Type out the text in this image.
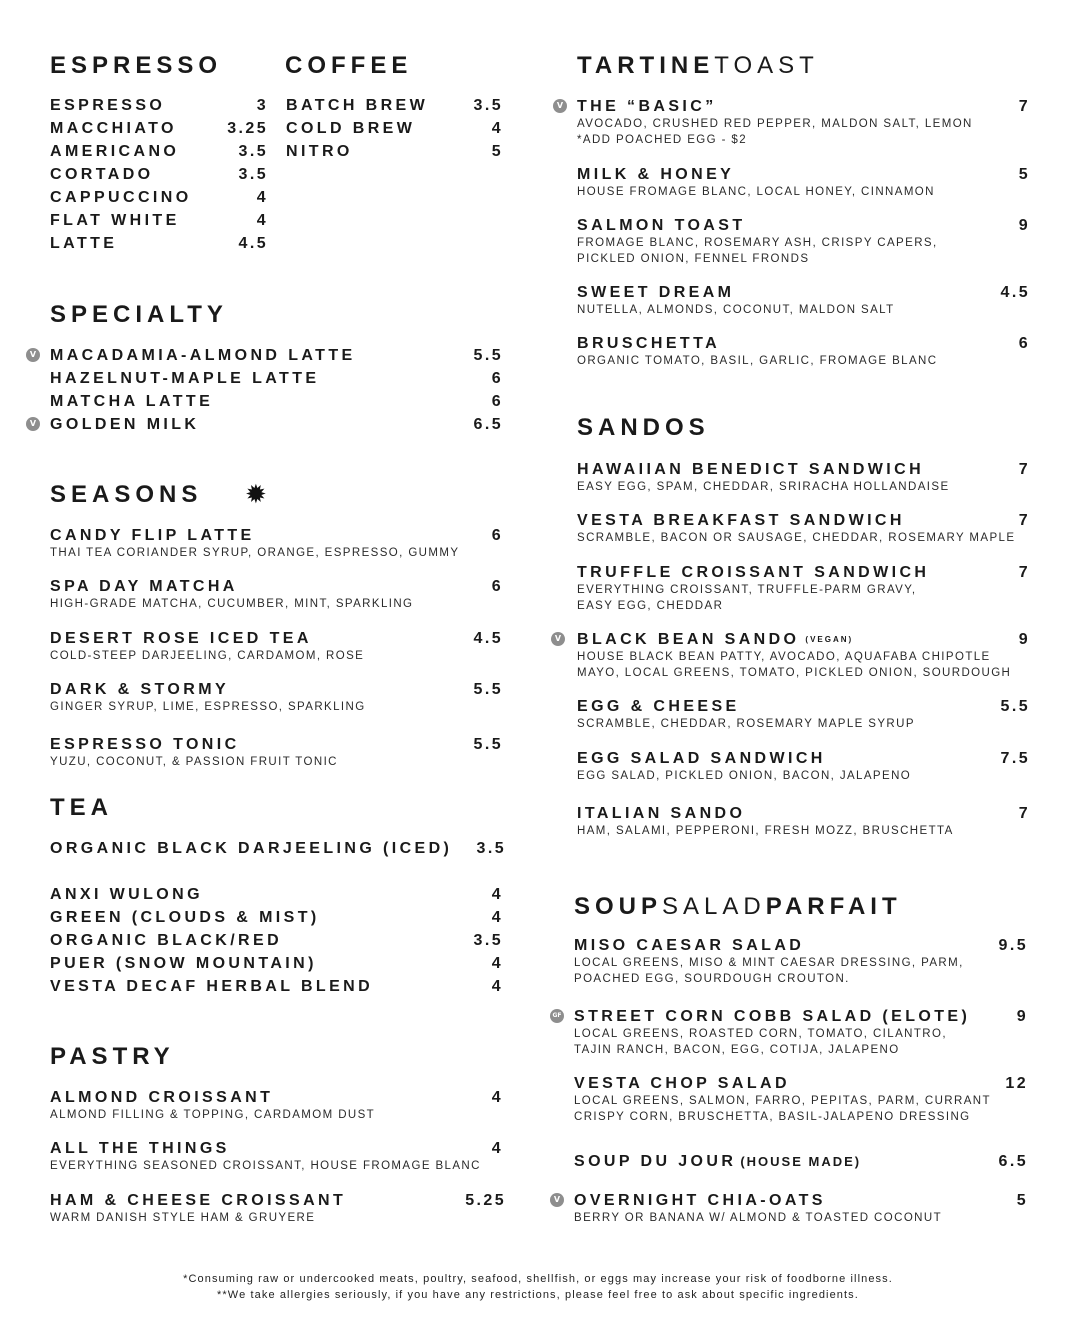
ESPRESSO
ESPRESSO	3
MACCHIATO	3.25
AMERICANO	3.5
CORTADO	3.5
CAPPUCCINO	4
FLAT WHITE	4
LATTE	4.5
COFFEE
BATCH BREW	3.5
COLD BREW	4
NITRO	5
SPECIALTY
V MACADAMIA-ALMOND LATTE	5.5
HAZELNUT-MAPLE LATTE	6
MATCHA LATTE	6
V GOLDEN MILK	6.5
SEASONS ✹
CANDY FLIP LATTE	6
THAI TEA CORIANDER SYRUP, ORANGE, ESPRESSO, GUMMY
SPA DAY MATCHA	6
HIGH-GRADE MATCHA, CUCUMBER, MINT, SPARKLING
DESERT ROSE ICED TEA	4.5
COLD-STEEP DARJEELING, CARDAMOM, ROSE
DARK & STORMY	5.5
GINGER SYRUP, LIME, ESPRESSO, SPARKLING
ESPRESSO TONIC	5.5
YUZU, COCONUT, & PASSION FRUIT TONIC
TEA
ORGANIC BLACK DARJEELING (ICED)	3.5
ANXI WULONG	4
GREEN (CLOUDS & MIST)	4
ORGANIC BLACK/RED	3.5
PUER (SNOW MOUNTAIN)	4
VESTA DECAF HERBAL BLEND	4
PASTRY
ALMOND CROISSANT	4
ALMOND FILLING & TOPPING, CARDAMOM DUST
ALL THE THINGS	4
EVERYTHING SEASONED CROISSANT, HOUSE FROMAGE BLANC
HAM & CHEESE CROISSANT	5.25
WARM DANISH STYLE HAM & GRUYERE
TARTINETOAST
V THE “BASIC”	7
AVOCADO, CRUSHED RED PEPPER, MALDON SALT, LEMON
*ADD POACHED EGG - $2
MILK & HONEY	5
HOUSE FROMAGE BLANC, LOCAL HONEY, CINNAMON
SALMON TOAST	9
FROMAGE BLANC, ROSEMARY ASH, CRISPY CAPERS,
PICKLED ONION, FENNEL FRONDS
SWEET DREAM	4.5
NUTELLA, ALMONDS, COCONUT, MALDON SALT
BRUSCHETTA	6
ORGANIC TOMATO, BASIL, GARLIC, FROMAGE BLANC
SANDOS
HAWAIIAN BENEDICT SANDWICH	7
EASY EGG, SPAM, CHEDDAR, SRIRACHA HOLLANDAISE
VESTA BREAKFAST SANDWICH	7
SCRAMBLE, BACON OR SAUSAGE, CHEDDAR, ROSEMARY MAPLE
TRUFFLE CROISSANT SANDWICH	7
EVERYTHING CROISSANT, TRUFFLE-PARM GRAVY,
EASY EGG, CHEDDAR
V BLACK BEAN SANDO (VEGAN)	9
HOUSE BLACK BEAN PATTY, AVOCADO, AQUAFABA CHIPOTLE
MAYO, LOCAL GREENS, TOMATO, PICKLED ONION, SOURDOUGH
EGG & CHEESE	5.5
SCRAMBLE, CHEDDAR, ROSEMARY MAPLE SYRUP
EGG SALAD SANDWICH	7.5
EGG SALAD, PICKLED ONION, BACON, JALAPENO
ITALIAN SANDO	7
HAM, SALAMI, PEPPERONI, FRESH MOZZ, BRUSCHETTA
SOUPSALADPARFAIT
MISO CAESAR SALAD	9.5
LOCAL GREENS, MISO & MINT CAESAR DRESSING, PARM,
POACHED EGG, SOURDOUGH CROUTON.
GF STREET CORN COBB SALAD (ELOTE)	9
LOCAL GREENS, ROASTED CORN, TOMATO, CILANTRO,
TAJIN RANCH, BACON, EGG, COTIJA, JALAPENO
VESTA CHOP SALAD	12
LOCAL GREENS, SALMON, FARRO, PEPITAS, PARM, CURRANT
CRISPY CORN, BRUSCHETTA, BASIL-JALAPENO DRESSING
SOUP DU JOUR (HOUSE MADE)	6.5
V OVERNIGHT CHIA-OATS	5
BERRY OR BANANA W/ ALMOND & TOASTED COCONUT
*Consuming raw or undercooked meats, poultry, seafood, shellfish, or eggs may increase your risk of foodborne illness.
**We take allergies seriously, if you have any restrictions, please feel free to ask about specific ingredients.
